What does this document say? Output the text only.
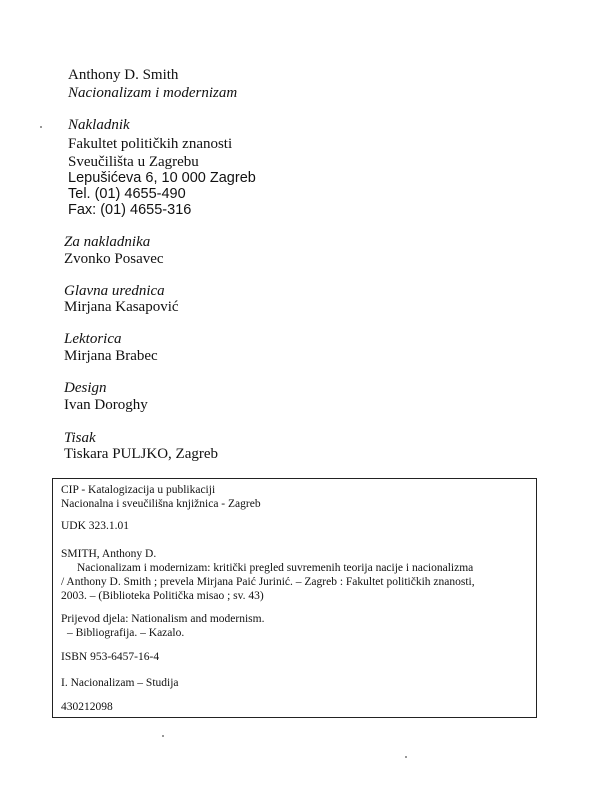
Anthony D. Smith
Nacionalizam i modernizam
Nakladnik
Fakultet političkih znanosti
Sveučilišta u Zagrebu
Lepušićeva 6, 10 000 Zagreb
Tel. (01) 4655-490
Fax: (01) 4655-316
Za nakladnika
Zvonko Posavec
Glavna urednica
Mirjana Kasapović
Lektorica
Mirjana Brabec
Design
Ivan Doroghy
Tisak
Tiskara PULJKO, Zagreb
CIP - Katalogizacija u publikaciji
Nacionalna i sveučilišna knjižnica - Zagreb
UDK 323.1.01
SMITH, Anthony D.
Nacionalizam i modernizam: kritički pregled suvremenih teorija nacije i nacionalizma
/ Anthony D. Smith ; prevela Mirjana Paić Jurinić. – Zagreb : Fakultet političkih znanosti,
2003. – (Biblioteka Politička misao ; sv. 43)
Prijevod djela: Nationalism and modernism.
– Bibliografija. – Kazalo.
ISBN 953-6457-16-4
I. Nacionalizam – Studija
430212098
